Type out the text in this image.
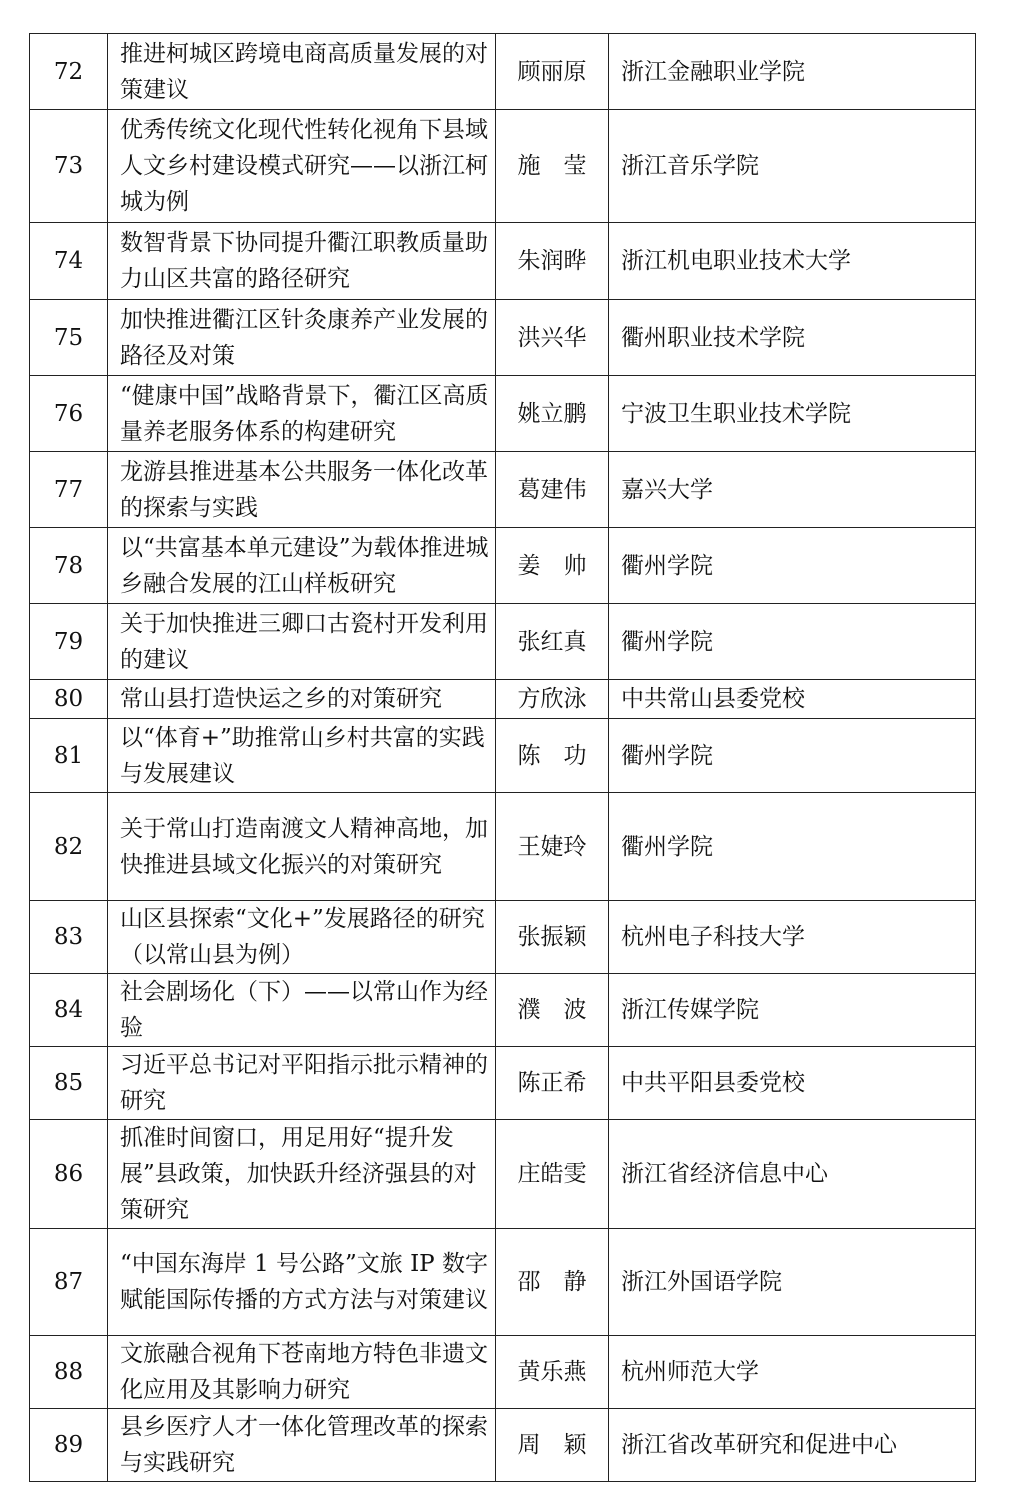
72	推进柯城区跨境电商高质量发展的对策建议	顾丽原	浙江金融职业学院
73	优秀传统文化现代性转化视角下县域人文乡村建设模式研究——以浙江柯城为例	施　莹	浙江音乐学院
74	数智背景下协同提升衢江职教质量助力山区共富的路径研究	朱润晔	浙江机电职业技术大学
75	加快推进衢江区针灸康养产业发展的路径及对策	洪兴华	衢州职业技术学院
76	“健康中国”战略背景下，衢江区高质量养老服务体系的构建研究	姚立鹏	宁波卫生职业技术学院
77	龙游县推进基本公共服务一体化改革的探索与实践	葛建伟	嘉兴大学
78	以“共富基本单元建设”为载体推进城乡融合发展的江山样板研究	姜　帅	衢州学院
79	关于加快推进三卿口古瓷村开发利用的建议	张红真	衢州学院
80	常山县打造快运之乡的对策研究	方欣泳	中共常山县委党校
81	以“体育+”助推常山乡村共富的实践与发展建议	陈　功	衢州学院
82	关于常山打造南渡文人精神高地，加快推进县域文化振兴的对策研究	王婕玲	衢州学院
83	山区县探索“文化+”发展路径的研究（以常山县为例）	张振颖	杭州电子科技大学
84	社会剧场化（下）——以常山作为经验	濮　波	浙江传媒学院
85	习近平总书记对平阳指示批示精神的研究	陈正希	中共平阳县委党校
86	抓准时间窗口，用足用好“提升发展”县政策，加快跃升经济强县的对策研究	庄皓雯	浙江省经济信息中心
87	“中国东海岸 1 号公路”文旅 IP 数字赋能国际传播的方式方法与对策建议	邵　静	浙江外国语学院
88	文旅融合视角下苍南地方特色非遗文化应用及其影响力研究	黄乐燕	杭州师范大学
89	县乡医疗人才一体化管理改革的探索与实践研究	周　颖	浙江省改革研究和促进中心
